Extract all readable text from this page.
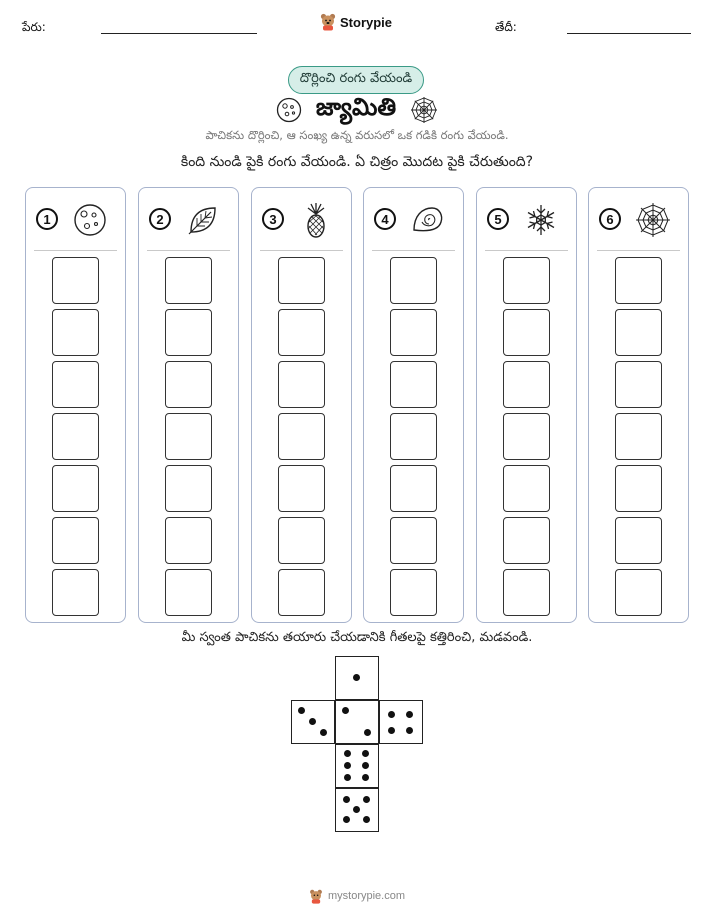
పేరు:	Storypie	తేదీ:
దొర్లించి రంగు వేయండి
జ్యామితి
పాచికను దొర్లించి, ఆ సంఖ్య ఉన్న వరుసలో ఒక గడికి రంగు వేయండి.
కింది నుండి పైకి రంగు వేయండి. ఏ చిత్రం మొదట పైకి చేరుతుంది?
1	2	3	4	5	6
మీ స్వంత పాచికను తయారు చేయడానికి గీతలపై కత్తిరించి, మడవండి.
mystorypie.com
